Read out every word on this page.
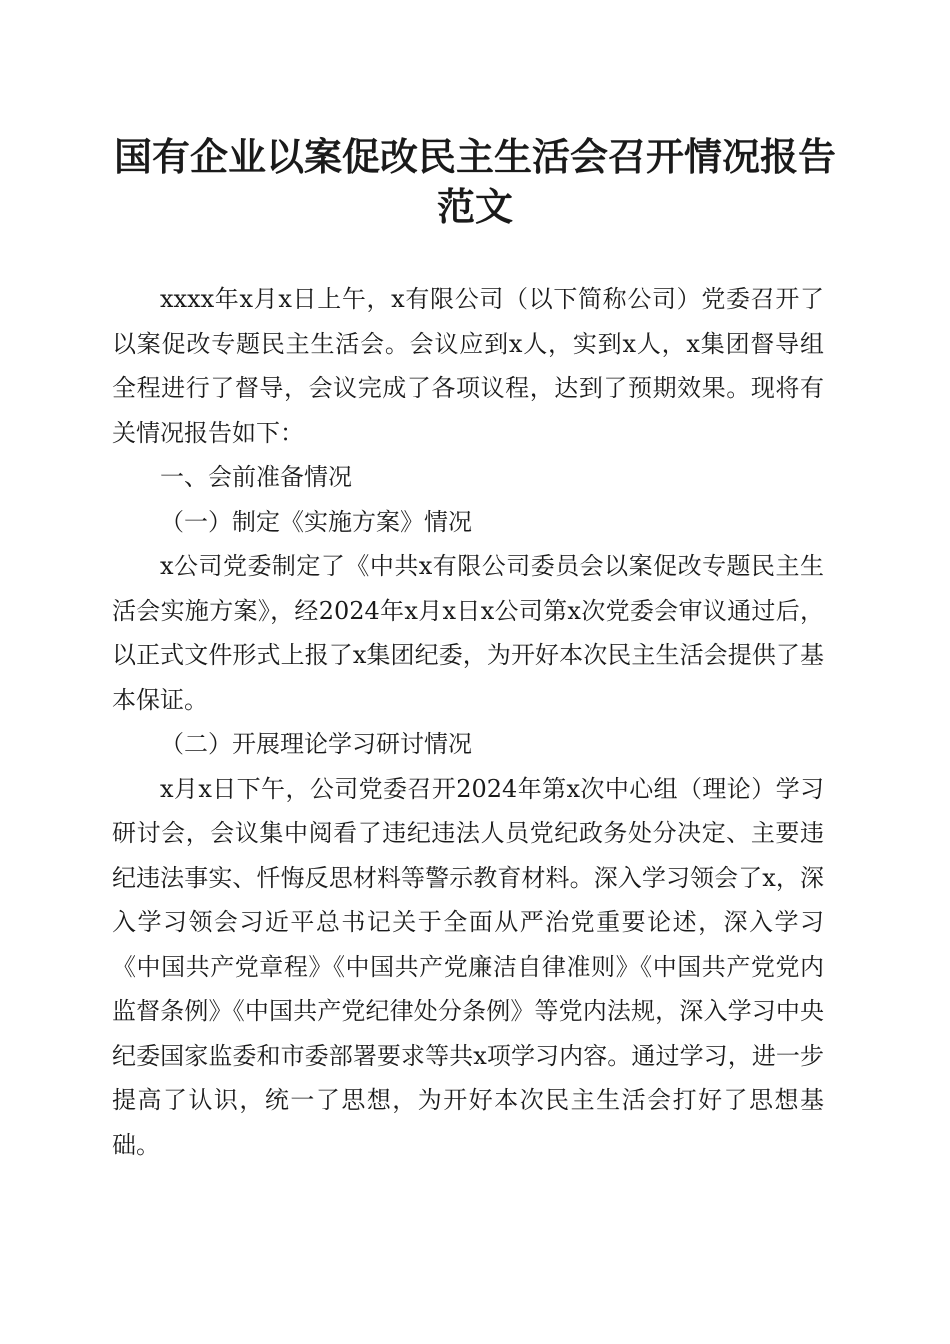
国有企业以案促改民主生活会召开情况报告范文

xxxx年x月x日上午，x有限公司（以下简称公司）党委召开了以案促改专题民主生活会。会议应到x人，实到x人，x集团督导组全程进行了督导，会议完成了各项议程，达到了预期效果。现将有关情况报告如下：

一、会前准备情况

（一）制定《实施方案》情况

x公司党委制定了《中共x有限公司委员会以案促改专题民主生活会实施方案》，经2024年x月x日x公司第x次党委会审议通过后，以正式文件形式上报了x集团纪委，为开好本次民主生活会提供了基本保证。

（二）开展理论学习研讨情况

x月x日下午，公司党委召开2024年第x次中心组（理论）学习研讨会，会议集中阅看了违纪违法人员党纪政务处分决定、主要违纪违法事实、忏悔反思材料等警示教育材料。深入学习领会了x，深入学习领会习近平总书记关于全面从严治党重要论述，深入学习《中国共产党章程》《中国共产党廉洁自律准则》《中国共产党党内监督条例》《中国共产党纪律处分条例》等党内法规，深入学习中央纪委国家监委和市委部署要求等共x项学习内容。通过学习，进一步提高了认识，统一了思想，为开好本次民主生活会打好了思想基础。
